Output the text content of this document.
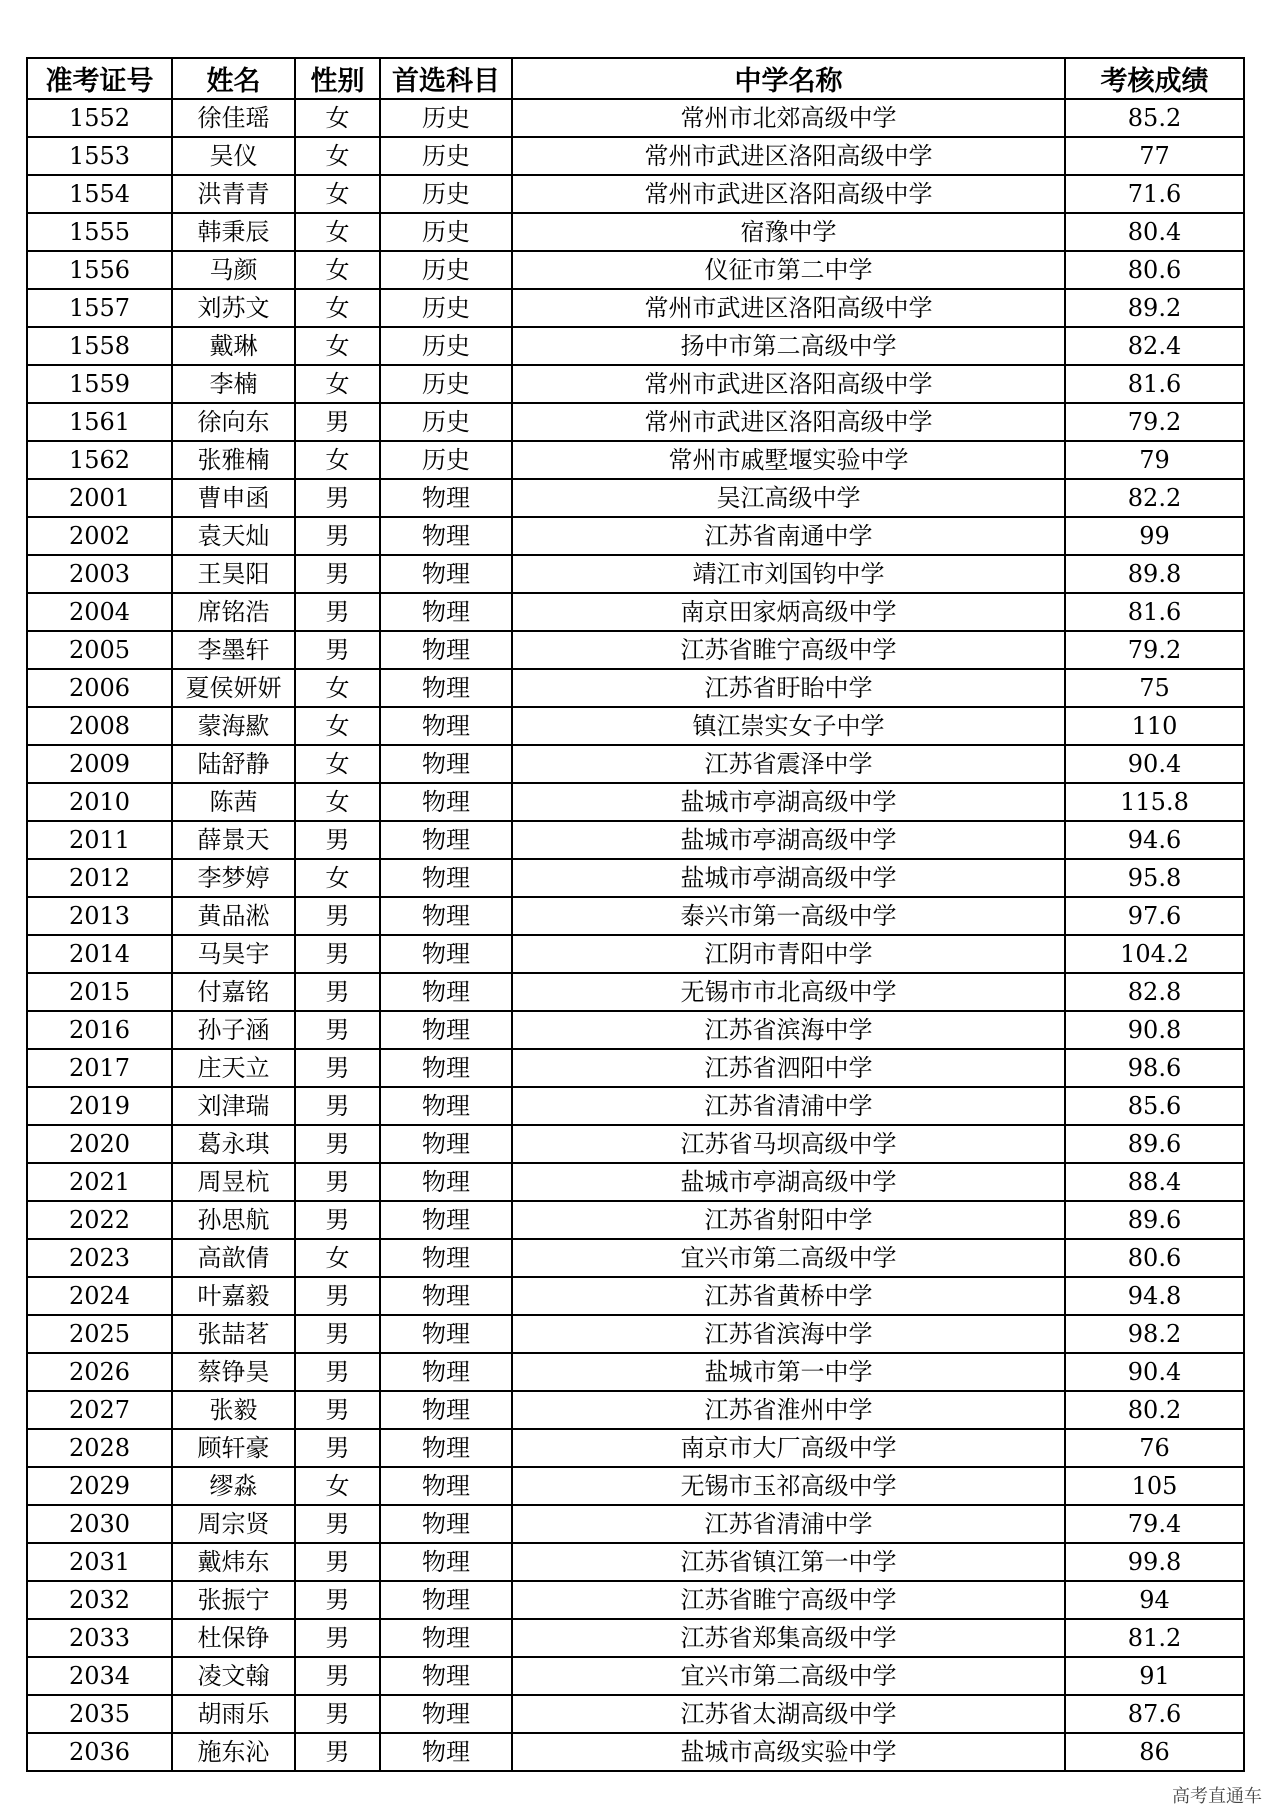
准考证号	姓名	性别	首选科目	中学名称	考核成绩
1552	徐佳瑶	女	历史	常州市北郊高级中学	85.2
1553	吴仪	女	历史	常州市武进区洛阳高级中学	77
1554	洪青青	女	历史	常州市武进区洛阳高级中学	71.6
1555	韩秉辰	女	历史	宿豫中学	80.4
1556	马颜	女	历史	仪征市第二中学	80.6
1557	刘苏文	女	历史	常州市武进区洛阳高级中学	89.2
1558	戴琳	女	历史	扬中市第二高级中学	82.4
1559	李楠	女	历史	常州市武进区洛阳高级中学	81.6
1561	徐向东	男	历史	常州市武进区洛阳高级中学	79.2
1562	张雅楠	女	历史	常州市戚墅堰实验中学	79
2001	曹申函	男	物理	吴江高级中学	82.2
2002	袁天灿	男	物理	江苏省南通中学	99
2003	王昊阳	男	物理	靖江市刘国钧中学	89.8
2004	席铭浩	男	物理	南京田家炳高级中学	81.6
2005	李墨轩	男	物理	江苏省睢宁高级中学	79.2
2006	夏侯妍妍	女	物理	江苏省盱眙中学	75
2008	蒙海歞	女	物理	镇江崇实女子中学	110
2009	陆舒静	女	物理	江苏省震泽中学	90.4
2010	陈茜	女	物理	盐城市亭湖高级中学	115.8
2011	薛景天	男	物理	盐城市亭湖高级中学	94.6
2012	李梦婷	女	物理	盐城市亭湖高级中学	95.8
2013	黄品淞	男	物理	泰兴市第一高级中学	97.6
2014	马昊宇	男	物理	江阴市青阳中学	104.2
2015	付嘉铭	男	物理	无锡市市北高级中学	82.8
2016	孙子涵	男	物理	江苏省滨海中学	90.8
2017	庄天立	男	物理	江苏省泗阳中学	98.6
2019	刘津瑞	男	物理	江苏省清浦中学	85.6
2020	葛永琪	男	物理	江苏省马坝高级中学	89.6
2021	周昱杭	男	物理	盐城市亭湖高级中学	88.4
2022	孙思航	男	物理	江苏省射阳中学	89.6
2023	高歆倩	女	物理	宜兴市第二高级中学	80.6
2024	叶嘉毅	男	物理	江苏省黄桥中学	94.8
2025	张喆茗	男	物理	江苏省滨海中学	98.2
2026	蔡铮昊	男	物理	盐城市第一中学	90.4
2027	张毅	男	物理	江苏省淮州中学	80.2
2028	顾轩豪	男	物理	南京市大厂高级中学	76
2029	缪淼	女	物理	无锡市玉祁高级中学	105
2030	周宗贤	男	物理	江苏省清浦中学	79.4
2031	戴炜东	男	物理	江苏省镇江第一中学	99.8
2032	张振宁	男	物理	江苏省睢宁高级中学	94
2033	杜保铮	男	物理	江苏省郑集高级中学	81.2
2034	凌文翰	男	物理	宜兴市第二高级中学	91
2035	胡雨乐	男	物理	江苏省太湖高级中学	87.6
2036	施东沁	男	物理	盐城市高级实验中学	86
高考直通车
